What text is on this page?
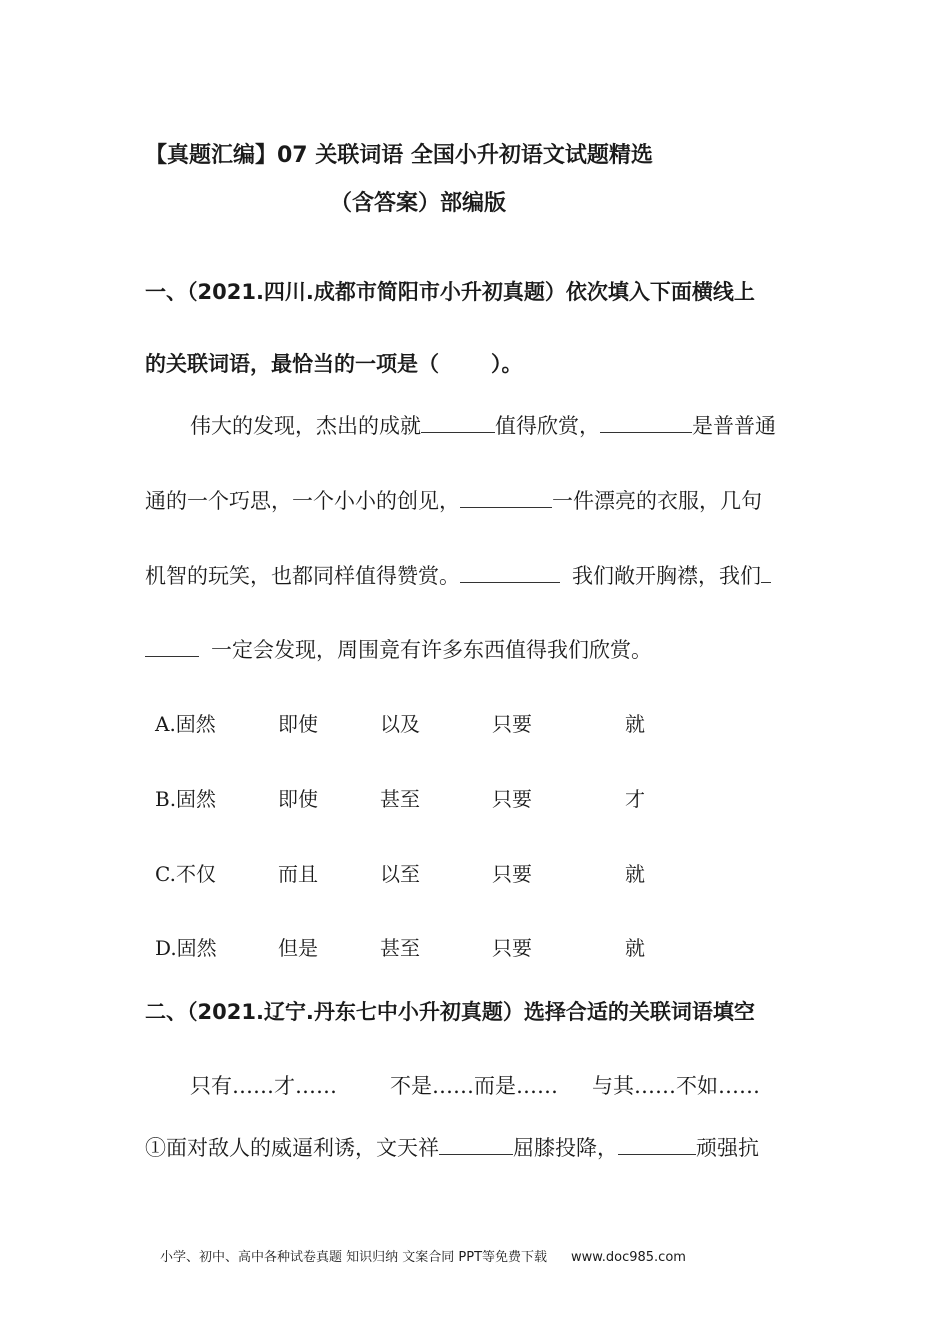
【真题汇编】07 关联词语 全国小升初语文试题精选
（含答案）部编版
一、（2021.四川.成都市简阳市小升初真题）依次填入下面横线上
的关联词语，最恰当的一项是（ ）。
伟大的发现，杰出的成就	值得欣赏，	是普普通
通的一个巧思，一个小小的创见，	一件漂亮的衣服，几句
机智的玩笑，也都同样值得赞赏。	我们敞开胸襟，我们
一定会发现，周围竟有许多东西值得我们欣赏。
A.固然	即使	以及	只要	就
B.固然	即使	甚至	只要	才
C.不仅	而且	以至	只要	就
D.固然	但是	甚至	只要	就
二、（2021.辽宁.丹东七中小升初真题）选择合适的关联词语填空
只有……才……	不是……而是…… 与其……不如……
①面对敌人的威逼利诱，文天祥	屈膝投降，	顽强抗
小学、初中、高中各种试卷真题 知识归纳 文案合同 PPT等免费下载 www.doc985.com
